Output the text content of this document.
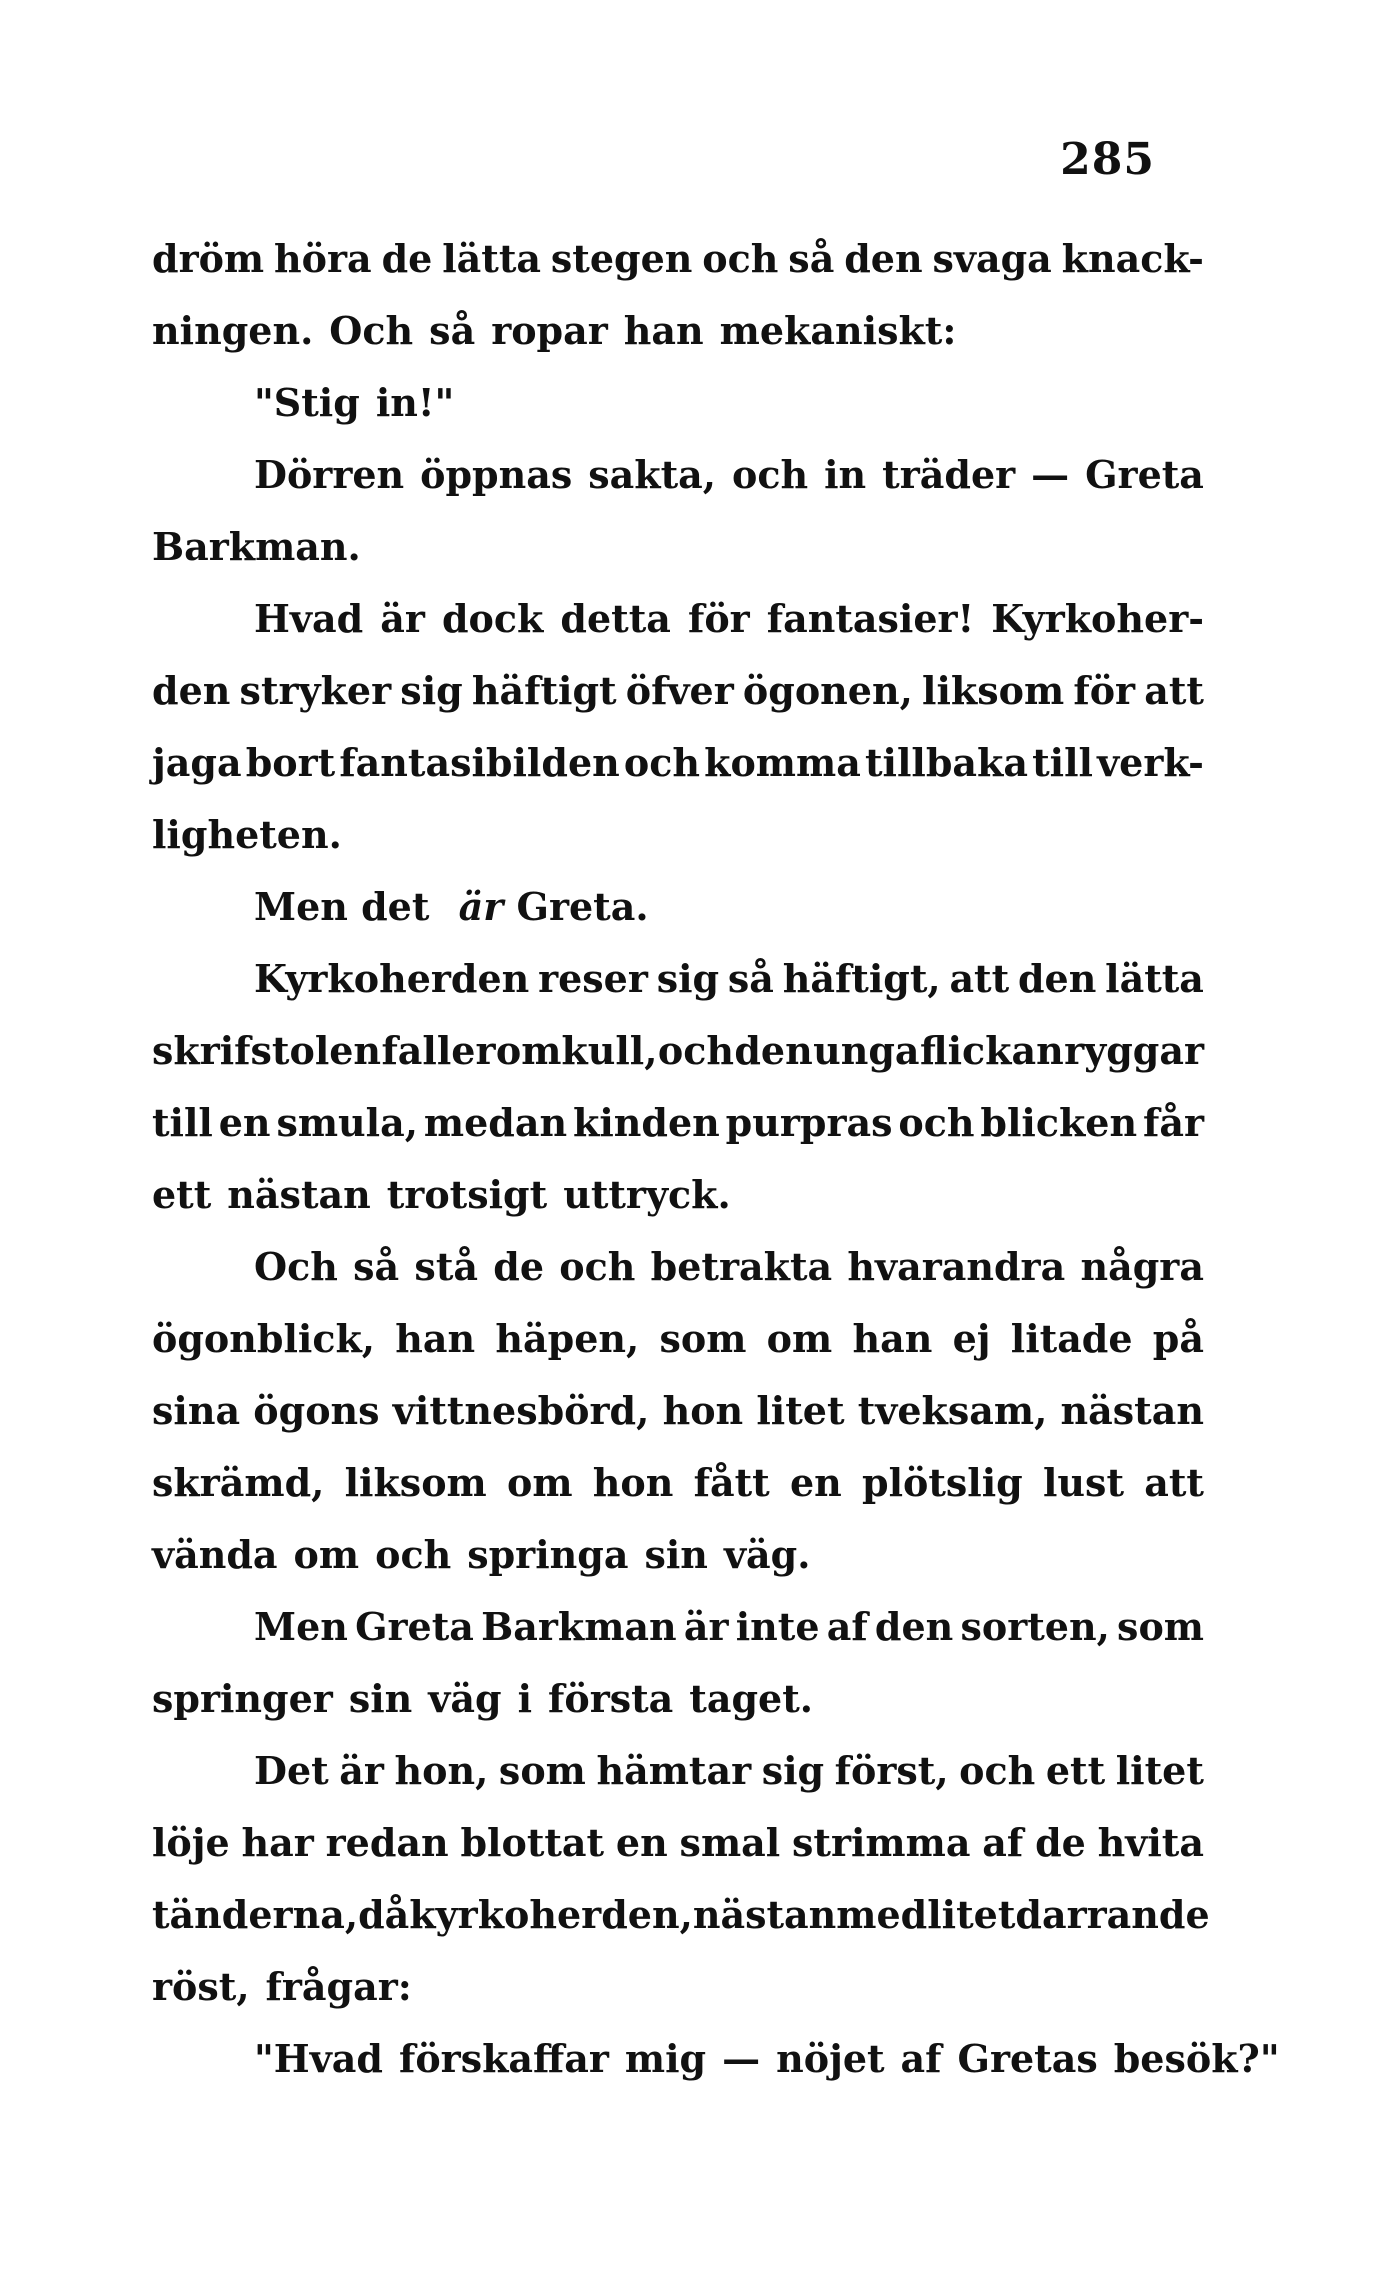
285
dröm höra de lätta stegen och så den svaga knack-
ningen. Och så ropar han mekaniskt:
"Stig in!"
Dörren öppnas sakta, och in träder — Greta
Barkman.
Hvad är dock detta för fantasier! Kyrkoher-
den stryker sig häftigt öfver ögonen, liksom för att
jaga bort fantasibilden och komma tillbaka till verk-
ligheten.
Men det är Greta.
Kyrkoherden reser sig så häftigt, att den lätta
skrifstolen faller omkull, och den unga flickan ryggar
till en smula, medan kinden purpras och blicken får
ett nästan trotsigt uttryck.
Och så stå de och betrakta hvarandra några
ögonblick, han häpen, som om han ej litade på
sina ögons vittnesbörd, hon litet tveksam, nästan
skrämd, liksom om hon fått en plötslig lust att
vända om och springa sin väg.
Men Greta Barkman är inte af den sorten, som
springer sin väg i första taget.
Det är hon, som hämtar sig först, och ett litet
löje har redan blottat en smal strimma af de hvita
tänderna, då kyrkoherden, nästan med litet darrande
röst, frågar:
"Hvad förskaffar mig — nöjet af Gretas besök?"
